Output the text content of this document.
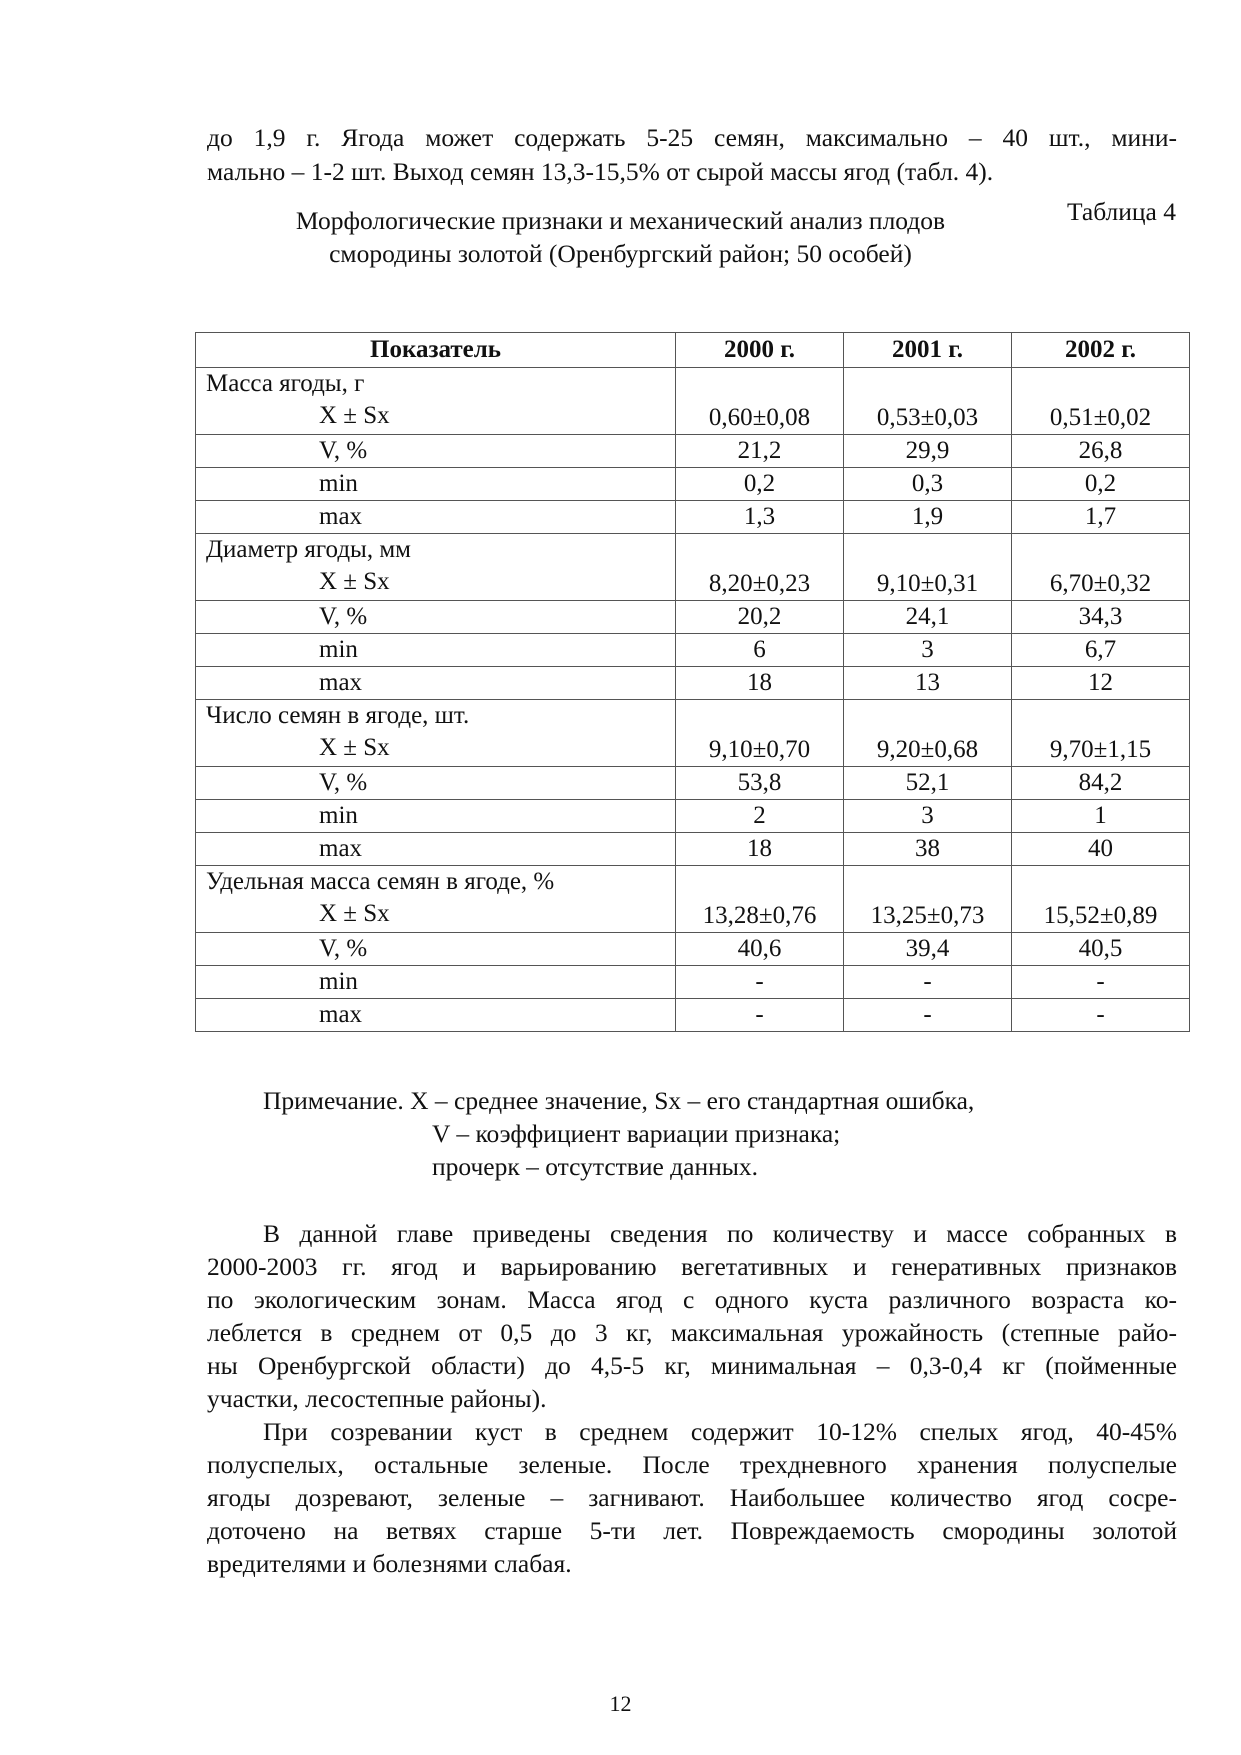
до 1,9 г. Ягода может содержать 5-25 семян, максимально – 40 шт., мини-
мально – 1-2 шт. Выход семян 13,3-15,5% от сырой массы ягод (табл. 4).
Таблица 4
Морфологические признаки и механический анализ плодов
смородины золотой (Оренбургский район; 50 особей)
Показатель	2000 г.	2001 г.	2002 г.
Масса ягоды, г
X ± Sx	0,60±0,08	0,53±0,03	0,51±0,02
V, %	21,2	29,9	26,8
min	0,2	0,3	0,2
max	1,3	1,9	1,7
Диаметр ягоды, мм
X ± Sx	8,20±0,23	9,10±0,31	6,70±0,32
V, %	20,2	24,1	34,3
min	6	3	6,7
max	18	13	12
Число семян в ягоде, шт.
X ± Sx	9,10±0,70	9,20±0,68	9,70±1,15
V, %	53,8	52,1	84,2
min	2	3	1
max	18	38	40
Удельная масса семян в ягоде, %
X ± Sx	13,28±0,76	13,25±0,73	15,52±0,89
V, %	40,6	39,4	40,5
min	-	-	-
max	-	-	-
Примечание. X – среднее значение, Sx – его стандартная ошибка,
V – коэффициент вариации признака;
прочерк – отсутствие данных.
В данной главе приведены сведения по количеству и массе собранных в
2000-2003 гг. ягод и варьированию вегетативных и генеративных признаков
по экологическим зонам. Масса ягод с одного куста различного возраста ко-
леблется в среднем от 0,5 до 3 кг, максимальная урожайность (степные райо-
ны Оренбургской области) до 4,5-5 кг, минимальная – 0,3-0,4 кг (пойменные
участки, лесостепные районы).
При созревании куст в среднем содержит 10-12% спелых ягод, 40-45%
полуспелых, остальные зеленые. После трехдневного хранения полуспелые
ягоды дозревают, зеленые – загнивают. Наибольшее количество ягод сосре-
доточено на ветвях старше 5-ти лет. Повреждаемость смородины золотой
вредителями и болезнями слабая.
12
